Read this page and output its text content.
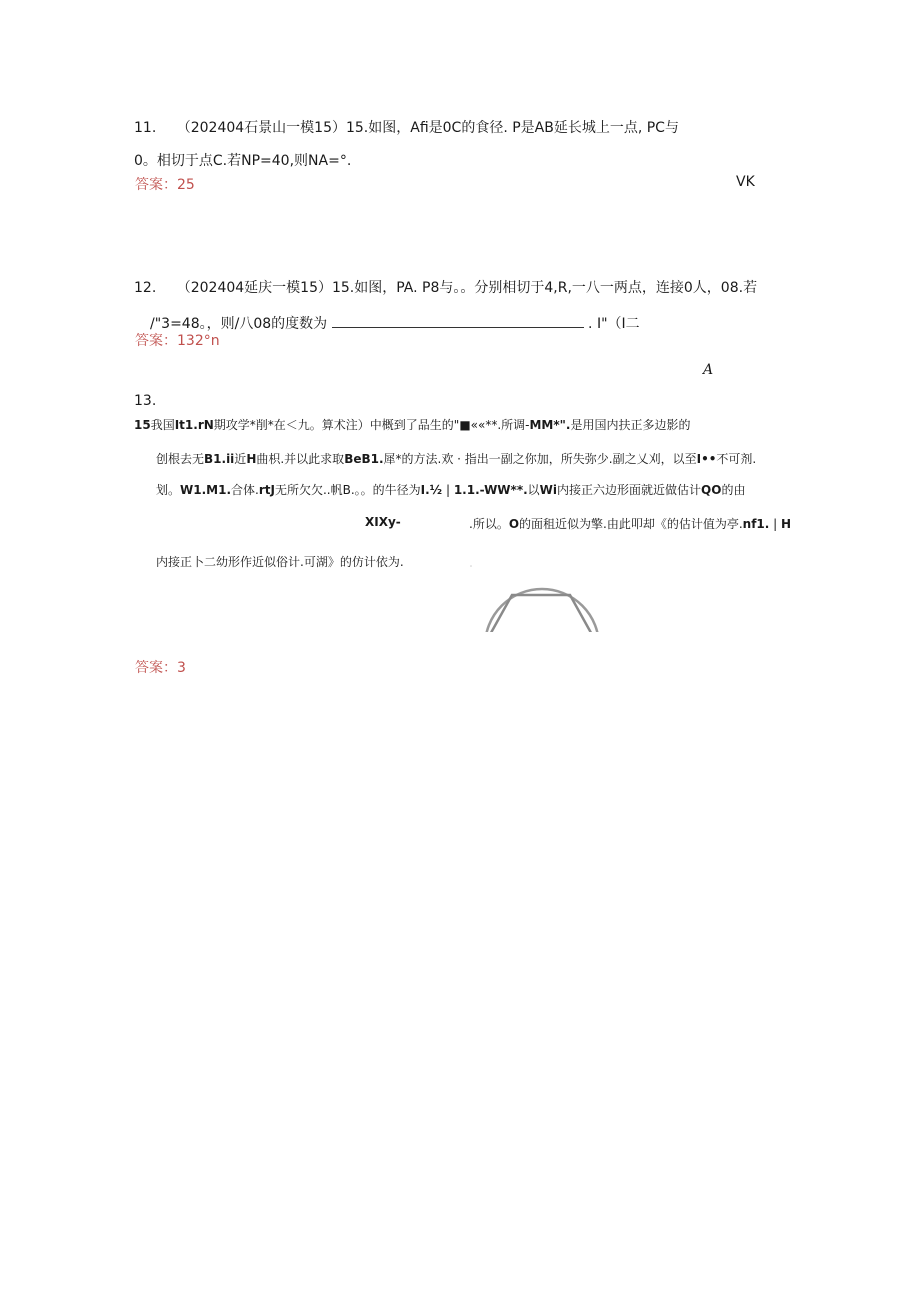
11. （202404石景山一模15）15.如图，Afi是0C的食径. P是AB延长城上一点, PC与
0。相切于点C.若NP=40,则NA=°.
答案：25	VK
12. （202404延庆一模15）15.如图，PA. P8与。。分别相切于4,R,一八一两点，连接0人，08.若
/"3=48。，则/八08的度数为	. I"（I二
答案：132°n
A
13.
15我国It1.rN期攻学*削*在＜九。算术注）中概到了品生的"■««**.所调-MM*".是用国内扶正多边影的
创根去无B1.ii近H曲枳.并以此求取BeB1.犀*的方法.欢 · 指出一副之你加，所失弥少.副之乂刈，以至I••不可剂.
划。W1.M1.合体.rtJ无所欠欠..帆B.。。的牛径为I.½ | 1.1.-WW**.以Wi内接正六边形面就近做估计QO的由
XIXy-	.所以。O的面租近似为擎.由此叩却《的估计值为亭.nf1. | H
内接正卜二幼形作近似俗计.可湖》的仿计依为.
答案：3
